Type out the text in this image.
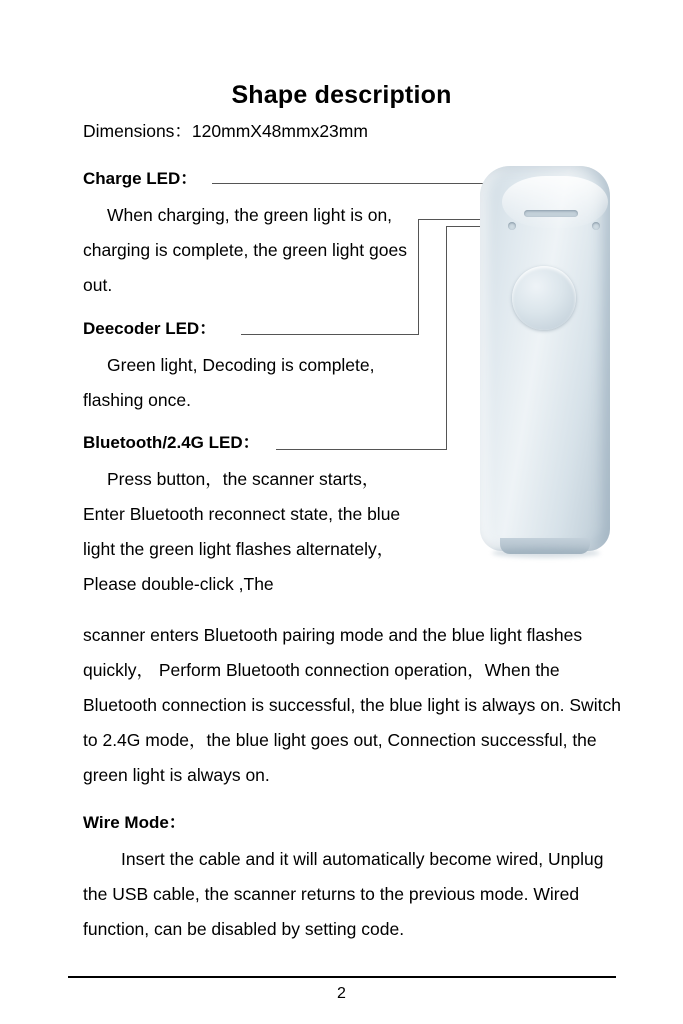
Shape description
Dimensions：120mmX48mmx23mm
Charge LED：

When charging, the green light is on, charging is complete, the green light goes out.

Deecoder LED：

Green light, Decoding is complete, flashing once.

Bluetooth/2.4G LED：

Press button，the scanner starts，Enter Bluetooth reconnect state, the blue light the green light flashes alternately，Please double-click ,The

scanner enters Bluetooth pairing mode and the blue light flashes quickly， Perform Bluetooth connection operation，When the Bluetooth connection is successful, the blue light is always on. Switch to 2.4G mode，the blue light goes out, Connection successful, the green light is always on.

Wire Mode：

Insert the cable and it will automatically become wired, Unplug the USB cable, the scanner returns to the previous mode. Wired function, can be disabled by setting code.

2
